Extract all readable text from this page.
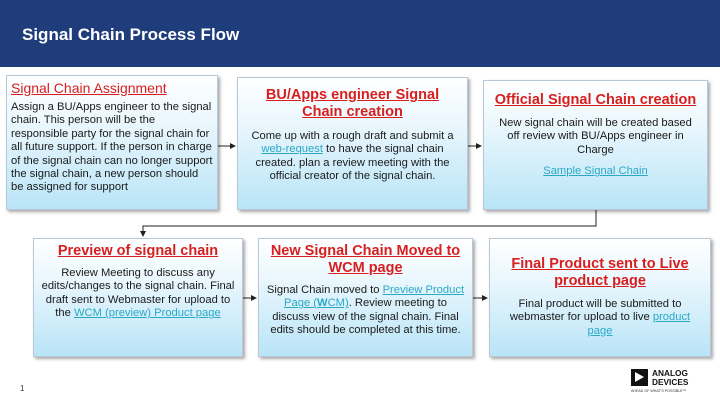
Signal Chain Process Flow
Signal Chain Assignment
Assign a BU/Apps engineer to the signal chain. This person will be the responsible party for the signal chain for all future support. If the person in charge of the signal chain can no longer support the signal chain, a new person should be assigned for support
BU/Apps engineer Signal Chain creation
Come up with a rough draft and submit a web-request to have the signal chain created. plan a review meeting with the official creator of the signal chain.
Official Signal Chain creation
New signal chain will be created based off review with BU/Apps engineer in Charge
Sample Signal Chain
Preview of signal chain
Review Meeting to discuss any edits/changes to the signal chain. Final draft sent to Webmaster for upload to the WCM (preview) Product page
New Signal Chain Moved to WCM page
Signal Chain moved to Preview Product Page (WCM). Review meeting to discuss view of the signal chain. Final edits should be completed at this time.
Final Product sent to Live product page
Final product will be submitted to webmaster for upload to live product page
1
ANALOG
DEVICES
AHEAD OF WHAT'S POSSIBLE™
